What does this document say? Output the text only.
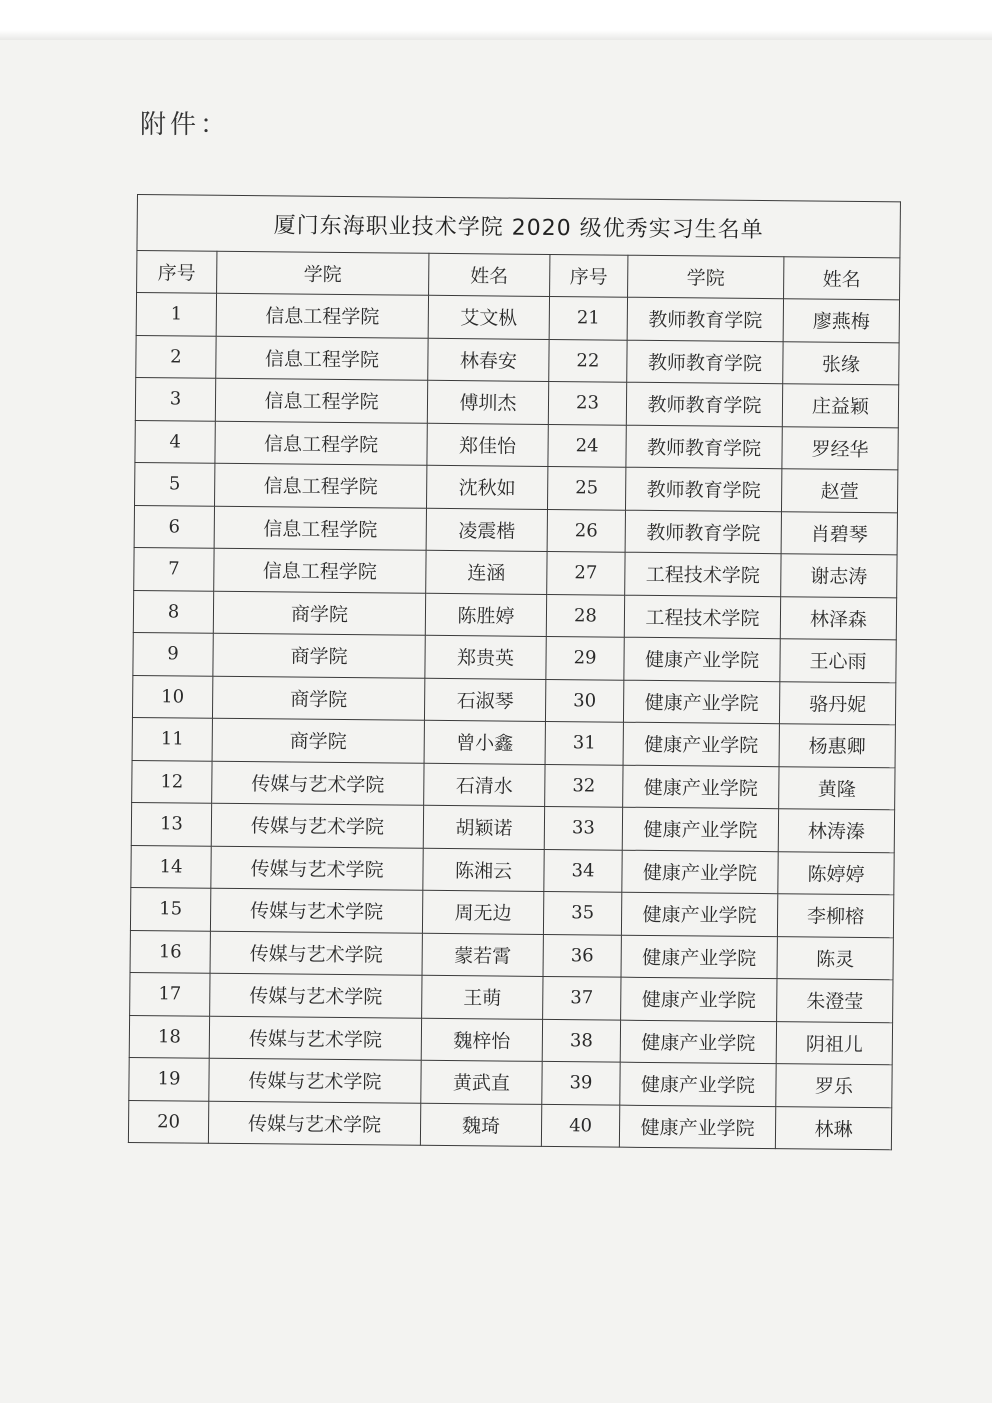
附件：
厦门东海职业技术学院 2020 级优秀实习生名单					
序号	学院	姓名	序号	学院	姓名
1	信息工程学院	艾文枞	21	教师教育学院	廖燕梅
2	信息工程学院	林春安	22	教师教育学院	张缘
3	信息工程学院	傅圳杰	23	教师教育学院	庄益颖
4	信息工程学院	郑佳怡	24	教师教育学院	罗经华
5	信息工程学院	沈秋如	25	教师教育学院	赵萱
6	信息工程学院	凌震楷	26	教师教育学院	肖碧琴
7	信息工程学院	连涵	27	工程技术学院	谢志涛
8	商学院	陈胜婷	28	工程技术学院	林泽森
9	商学院	郑贵英	29	健康产业学院	王心雨
10	商学院	石淑琴	30	健康产业学院	骆丹妮
11	商学院	曾小鑫	31	健康产业学院	杨惠卿
12	传媒与艺术学院	石清水	32	健康产业学院	黄隆
13	传媒与艺术学院	胡颖诺	33	健康产业学院	林涛溱
14	传媒与艺术学院	陈湘云	34	健康产业学院	陈婷婷
15	传媒与艺术学院	周无边	35	健康产业学院	李柳榕
16	传媒与艺术学院	蒙若霄	36	健康产业学院	陈灵
17	传媒与艺术学院	王萌	37	健康产业学院	朱澄莹
18	传媒与艺术学院	魏梓怡	38	健康产业学院	阴祖儿
19	传媒与艺术学院	黄武直	39	健康产业学院	罗乐
20	传媒与艺术学院	魏琦	40	健康产业学院	林琳
